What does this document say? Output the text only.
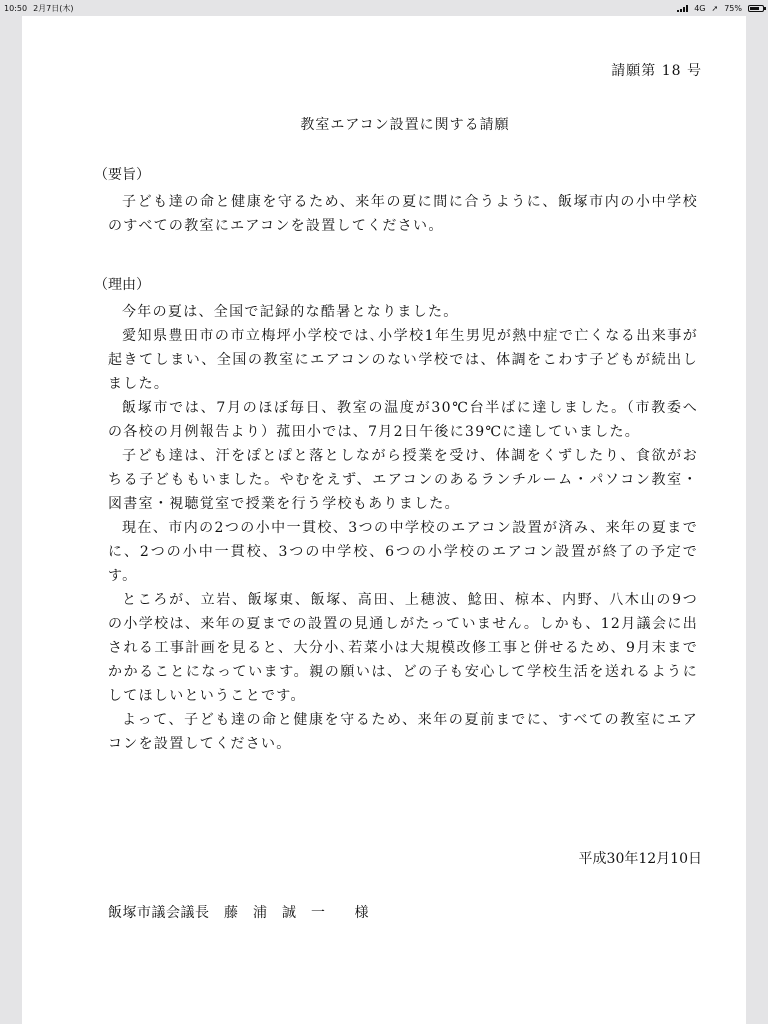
10:50 2月7日(木)	4G ➚ 75%
請願第 18 号
教室エアコン設置に関する請願
（要旨）

子ども達の命と健康を守るため、来年の夏に間に合うように、飯塚市内の小中学校のすべての教室にエアコンを設置してください。

（理由）

今年の夏は、全国で記録的な酷暑となりました。

愛知県豊田市の市立梅坪小学校では､小学校1年生男児が熱中症で亡くなる出来事が起きてしまい、全国の教室にエアコンのない学校では、体調をこわす子どもが続出しました。

飯塚市では、7月のほぼ毎日、教室の温度が30℃台半ばに達しました。（市教委への各校の月例報告より）菰田小では、7月2日午後に39℃に達していました。

子ども達は、汗をぽとぽと落としながら授業を受け、体調をくずしたり、食欲がおちる子どももいました。やむをえず、エアコンのあるランチルーム・パソコン教室・図書室・視聴覚室で授業を行う学校もありました。

現在、市内の2つの小中一貫校、3つの中学校のエアコン設置が済み、来年の夏までに、2つの小中一貫校、3つの中学校、6つの小学校のエアコン設置が終了の予定です。

ところが、立岩、飯塚東、飯塚、高田、上穂波、鯰田、椋本、内野、八木山の9つの小学校は、来年の夏までの設置の見通しがたっていません。しかも、12月議会に出される工事計画を見ると、大分小､若菜小は大規模改修工事と併せるため、9月末までかかることになっています。親の願いは、どの子も安心して学校生活を送れるようにしてほしいということです。

よって、子ども達の命と健康を守るため、来年の夏前までに、すべての教室にエアコンを設置してください。

平成30年12月10日
飯塚市議会議長　藤　浦　誠　一　　様
